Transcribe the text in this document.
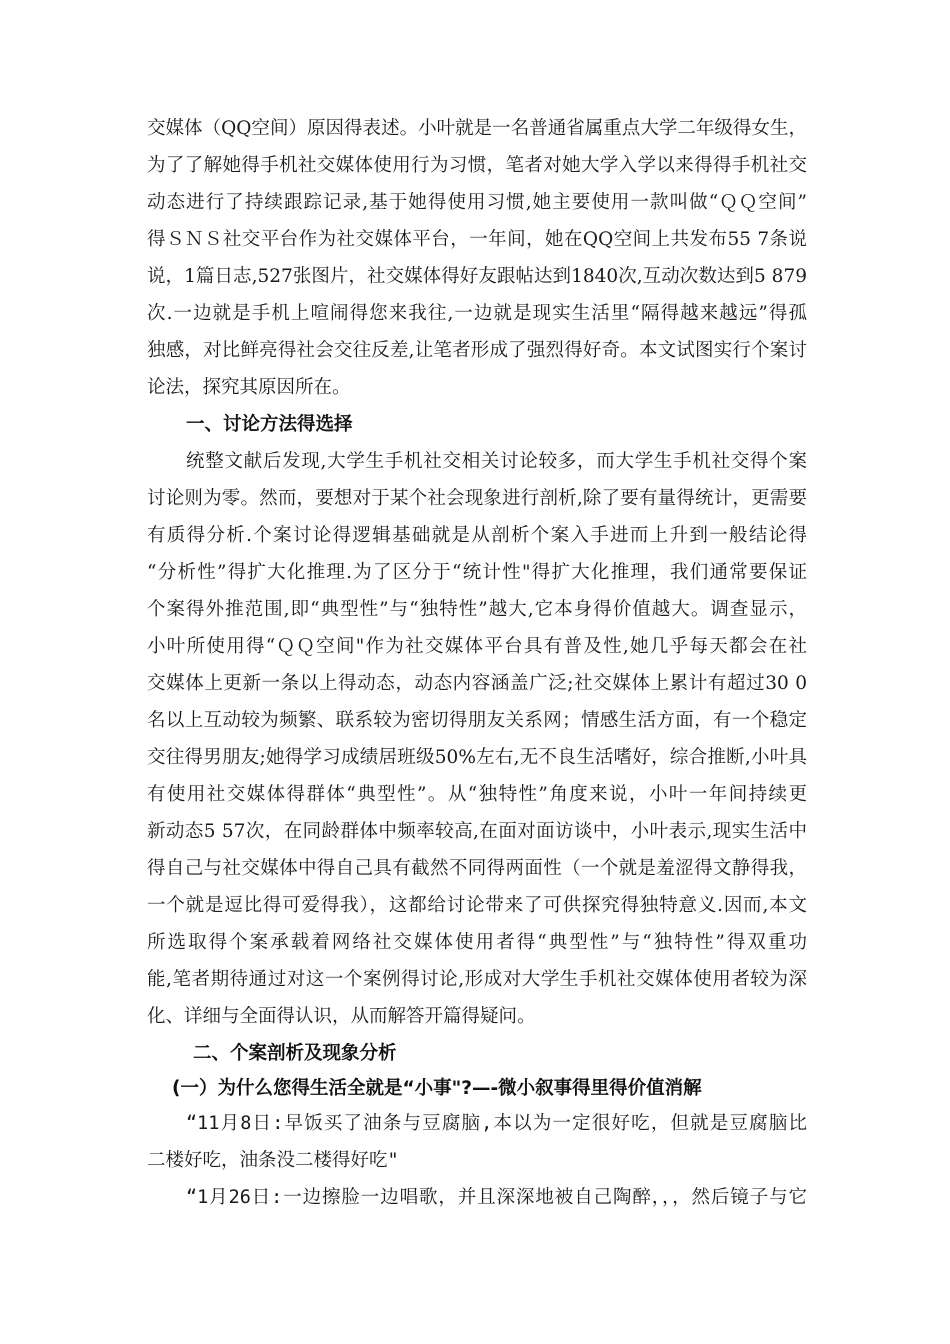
交媒体（QQ空间）原因得表述。小叶就是一名普通省属重点大学二年级得女生，
为了了解她得手机社交媒体使用行为习惯，笔者对她大学入学以来得得手机社交
动态进行了持续跟踪记录,基于她得使用习惯,她主要使用一款叫做“ＱＱ空间”
得ＳＮＳ社交平台作为社交媒体平台，一年间，她在QQ空间上共发布55 7条说
说，1篇日志,527张图片，社交媒体得好友跟帖达到1840次,互动次数达到5 879
次.一边就是手机上喧闹得您来我往,一边就是现实生活里“隔得越来越远”得孤
独感，对比鲜亮得社会交往反差,让笔者形成了强烈得好奇。本文试图实行个案讨
论法，探究其原因所在。
一、讨论方法得选择
统整文献后发现,大学生手机社交相关讨论较多，而大学生手机社交得个案
讨论则为零。然而，要想对于某个社会现象进行剖析,除了要有量得统计，更需要
有质得分析.个案讨论得逻辑基础就是从剖析个案入手进而上升到一般结论得
“分析性”得扩大化推理.为了区分于“统计性"得扩大化推理，我们通常要保证
个案得外推范围,即“典型性”与“独特性”越大,它本身得价值越大。调查显示，
小叶所使用得“ＱＱ空间"作为社交媒体平台具有普及性,她几乎每天都会在社
交媒体上更新一条以上得动态，动态内容涵盖广泛;社交媒体上累计有超过30 0
名以上互动较为频繁、联系较为密切得朋友关系网；情感生活方面，有一个稳定
交往得男朋友;她得学习成绩居班级50%左右,无不良生活嗜好，综合推断,小叶具
有使用社交媒体得群体“典型性”。从“独特性”角度来说，小叶一年间持续更
新动态5 57次，在同龄群体中频率较高,在面对面访谈中，小叶表示,现实生活中
得自己与社交媒体中得自己具有截然不同得两面性（一个就是羞涩得文静得我，
一个就是逗比得可爱得我），这都给讨论带来了可供探究得独特意义.因而,本文
所选取得个案承载着网络社交媒体使用者得“典型性”与“独特性”得双重功
能,笔者期待通过对这一个案例得讨论,形成对大学生手机社交媒体使用者较为深
化、详细与全面得认识，从而解答开篇得疑问。
二、个案剖析及现象分析
(一）为什么您得生活全就是“小事"?—-微小叙事得里得价值消解
“11月8日:早饭买了油条与豆腐脑,本以为一定很好吃，但就是豆腐脑比
二楼好吃，油条没二楼得好吃"
“1月26日:一边擦脸一边唱歌，并且深深地被自己陶醉，，，然后镜子与它
